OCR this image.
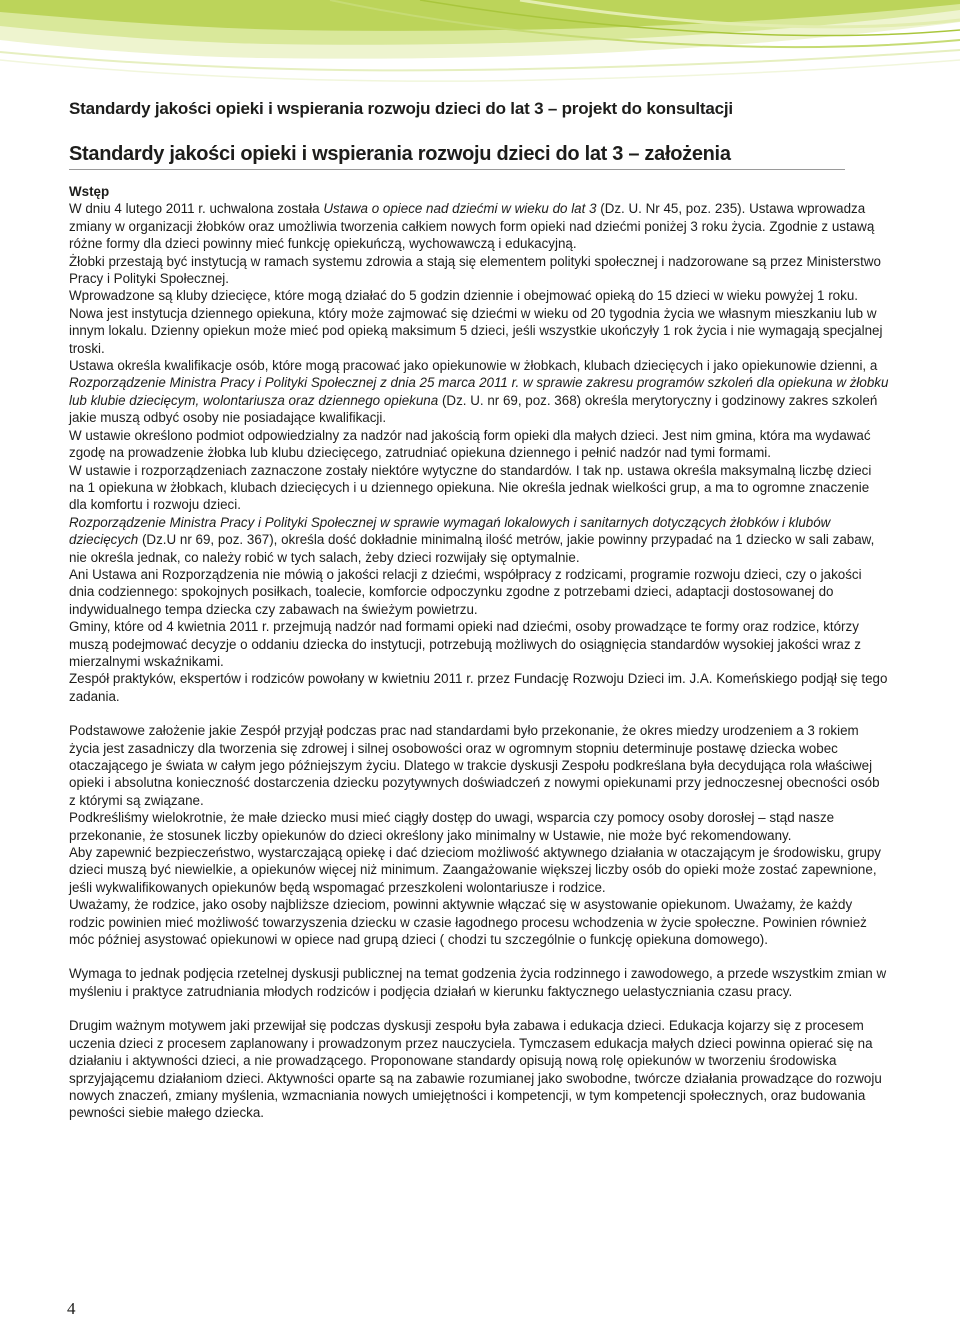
Standardy jakości opieki i wspierania rozwoju dzieci do lat 3 – projekt do konsultacji
Standardy jakości opieki i wspierania rozwoju dzieci do lat 3 – założenia

Wstęp

W dniu 4 lutego 2011 r. uchwalona została Ustawa o opiece nad dziećmi w wieku do lat 3 (Dz. U. Nr 45, poz. 235). Ustawa wprowadza zmiany w organizacji żłobków oraz umożliwia tworzenia całkiem nowych form opieki nad dziećmi poniżej 3 roku życia. Zgodnie z ustawą różne formy dla dzieci powinny mieć funkcję opiekuńczą, wychowawczą i edukacyjną.

Żłobki przestają być instytucją w ramach systemu zdrowia a stają się elementem polityki społecznej i nadzorowane są przez Ministerstwo Pracy i Polityki Społecznej.

Wprowadzone są kluby dziecięce, które mogą działać do 5 godzin dziennie i obejmować opieką do 15 dzieci w wieku powyżej 1 roku.

Nowa jest instytucja dziennego opiekuna, który może zajmować się dziećmi w wieku od 20 tygodnia życia we własnym mieszkaniu lub w innym lokalu. Dzienny opiekun może mieć pod opieką maksimum 5 dzieci, jeśli wszystkie ukończyły 1 rok życia i nie wymagają specjalnej troski.

Ustawa określa kwalifikacje osób, które mogą pracować jako opiekunowie w żłobkach, klubach dziecięcych i jako opiekunowie dzienni, a Rozporządzenie Ministra Pracy i Polityki Społecznej z dnia 25 marca 2011 r. w sprawie zakresu programów szkoleń dla opiekuna w żłobku lub klubie dziecięcym, wolontariusza oraz dziennego opiekuna (Dz. U. nr 69, poz. 368) określa merytoryczny i godzinowy zakres szkoleń jakie muszą odbyć osoby nie posiadające kwalifikacji.

W ustawie określono podmiot odpowiedzialny za nadzór nad jakością form opieki dla małych dzieci. Jest nim gmina, która ma wydawać zgodę na prowadzenie żłobka lub klubu dziecięcego, zatrudniać opiekuna dziennego i pełnić nadzór nad tymi formami.

W ustawie i rozporządzeniach zaznaczone zostały niektóre wytyczne do standardów. I tak np. ustawa określa maksymalną liczbę dzieci na 1 opiekuna w żłobkach, klubach dziecięcych i u dziennego opiekuna. Nie określa jednak wielkości grup, a ma to ogromne znaczenie dla komfortu i rozwoju dzieci.

Rozporządzenie Ministra Pracy i Polityki Społecznej w sprawie wymagań lokalowych i sanitarnych dotyczących żłobków i klubów dziecięcych (Dz.U nr 69, poz. 367), określa dość dokładnie minimalną ilość metrów, jakie powinny przypadać na 1 dziecko w sali zabaw, nie określa jednak, co należy robić w tych salach, żeby dzieci rozwijały się optymalnie.

Ani Ustawa ani Rozporządzenia nie mówią o jakości relacji z dziećmi, współpracy z rodzicami, programie rozwoju dzieci, czy o jakości dnia codziennego: spokojnych posiłkach, toalecie, komforcie odpoczynku zgodne z potrzebami dzieci, adaptacji dostosowanej do indywidualnego tempa dziecka czy zabawach na świeżym powietrzu.

Gminy, które od 4 kwietnia 2011 r. przejmują nadzór nad formami opieki nad dziećmi, osoby prowadzące te formy oraz rodzice, którzy muszą podejmować decyzje o oddaniu dziecka do instytucji, potrzebują możliwych do osiągnięcia standardów wysokiej jakości wraz z mierzalnymi wskaźnikami.

Zespół praktyków, ekspertów i rodziców powołany w kwietniu 2011 r. przez Fundację Rozwoju Dzieci im. J.A. Komeńskiego podjął się tego zadania.

Podstawowe założenie jakie Zespół przyjął podczas prac nad standardami było przekonanie, że okres miedzy urodzeniem a 3 rokiem życia jest zasadniczy dla tworzenia się zdrowej i silnej osobowości oraz w ogromnym stopniu determinuje postawę dziecka wobec otaczającego je świata w całym jego późniejszym życiu. Dlatego w trakcie dyskusji Zespołu podkreślana była decydująca rola właściwej opieki i absolutna konieczność dostarczenia dziecku pozytywnych doświadczeń z nowymi opiekunami przy jednoczesnej obecności osób z którymi są związane.

Podkreśliśmy wielokrotnie, że małe dziecko musi mieć ciągły dostęp do uwagi, wsparcia czy pomocy osoby dorosłej – stąd nasze przekonanie, że stosunek liczby opiekunów do dzieci określony jako minimalny w Ustawie, nie może być rekomendowany.

Aby zapewnić bezpieczeństwo, wystarczającą opiekę i dać dzieciom możliwość aktywnego działania w otaczającym je środowisku, grupy dzieci muszą być niewielkie, a opiekunów więcej niż minimum. Zaangażowanie większej liczby osób do opieki może zostać zapewnione, jeśli wykwalifikowanych opiekunów będą wspomagać przeszkoleni wolontariusze i rodzice.

Uważamy, że rodzice, jako osoby najbliższe dzieciom, powinni aktywnie włączać się w asystowanie opiekunom. Uważamy, że każdy rodzic powinien mieć możliwość towarzyszenia dziecku w czasie łagodnego procesu wchodzenia w życie społeczne. Powinien również móc później asystować opiekunowi w opiece nad grupą dzieci ( chodzi tu szczególnie o funkcję opiekuna domowego).

Wymaga to jednak podjęcia rzetelnej dyskusji publicznej na temat godzenia życia rodzinnego i zawodowego, a przede wszystkim zmian w myśleniu i praktyce zatrudniania młodych rodziców i podjęcia działań w kierunku faktycznego uelastyczniania czasu pracy.

Drugim ważnym motywem jaki przewijał się podczas dyskusji zespołu była zabawa i edukacja dzieci. Edukacja kojarzy się z procesem uczenia dzieci z procesem zaplanowany i prowadzonym przez nauczyciela. Tymczasem edukacja małych dzieci powinna opierać się na działaniu i aktywności dzieci, a nie prowadzącego. Proponowane standardy opisują nową rolę opiekunów w tworzeniu środowiska sprzyjającemu działaniom dzieci. Aktywności oparte są na zabawie rozumianej jako swobodne, twórcze działania prowadzące do rozwoju nowych znaczeń, zmiany myślenia, wzmacniania nowych umiejętności i kompetencji, w tym kompetencji społecznych, oraz budowania pewności siebie małego dziecka.

4
